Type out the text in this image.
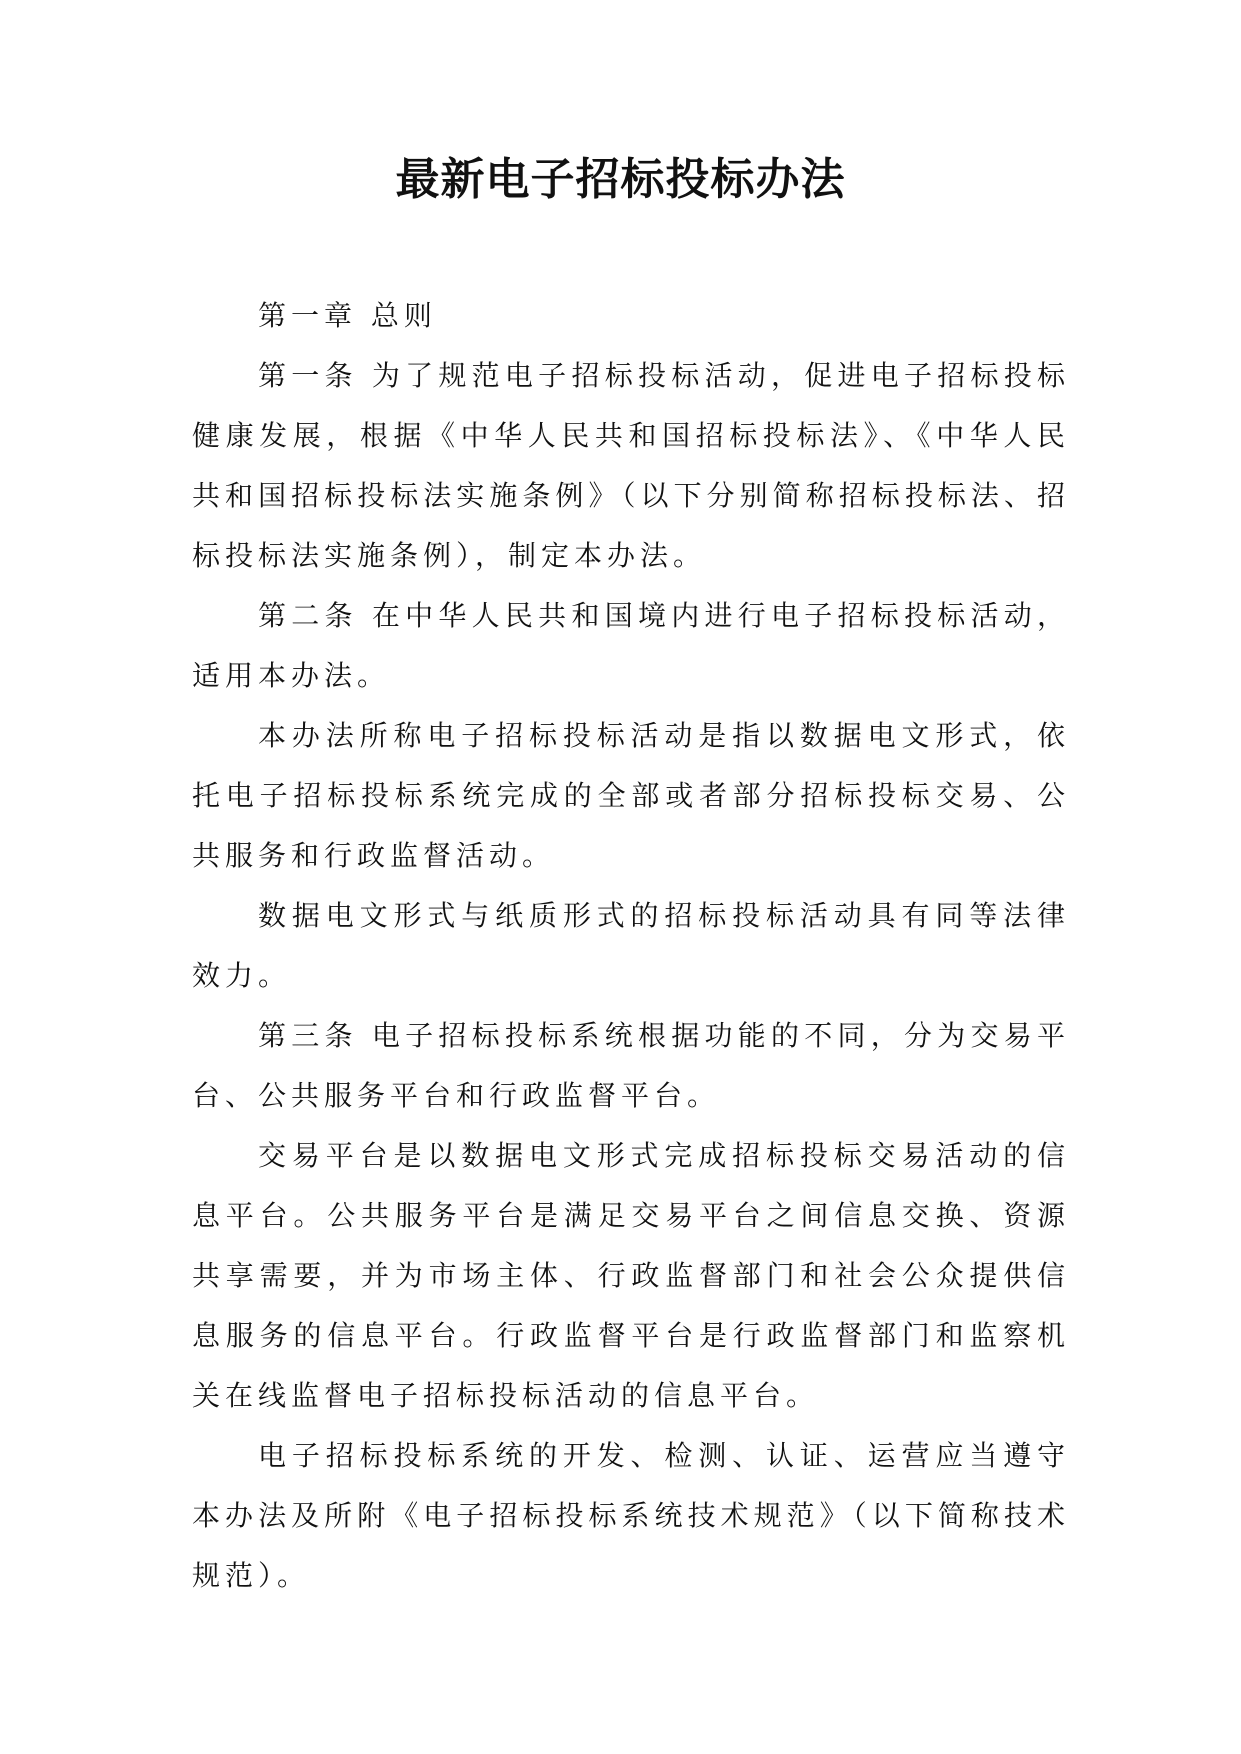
最新电子招标投标办法

第一章 总则

第一条 为了规范电子招标投标活动，促进电子招标投标健康发展，根据《中华人民共和国招标投标法》、《中华人民共和国招标投标法实施条例》（以下分别简称招标投标法、招标投标法实施条例），制定本办法。

第二条 在中华人民共和国境内进行电子招标投标活动，适用本办法。

本办法所称电子招标投标活动是指以数据电文形式，依托电子招标投标系统完成的全部或者部分招标投标交易、公共服务和行政监督活动。

数据电文形式与纸质形式的招标投标活动具有同等法律效力。

第三条 电子招标投标系统根据功能的不同，分为交易平台、公共服务平台和行政监督平台。

交易平台是以数据电文形式完成招标投标交易活动的信息平台。公共服务平台是满足交易平台之间信息交换、资源共享需要，并为市场主体、行政监督部门和社会公众提供信息服务的信息平台。行政监督平台是行政监督部门和监察机关在线监督电子招标投标活动的信息平台。

电子招标投标系统的开发、检测、认证、运营应当遵守本办法及所附《电子招标投标系统技术规范》（以下简称技术规范）。
